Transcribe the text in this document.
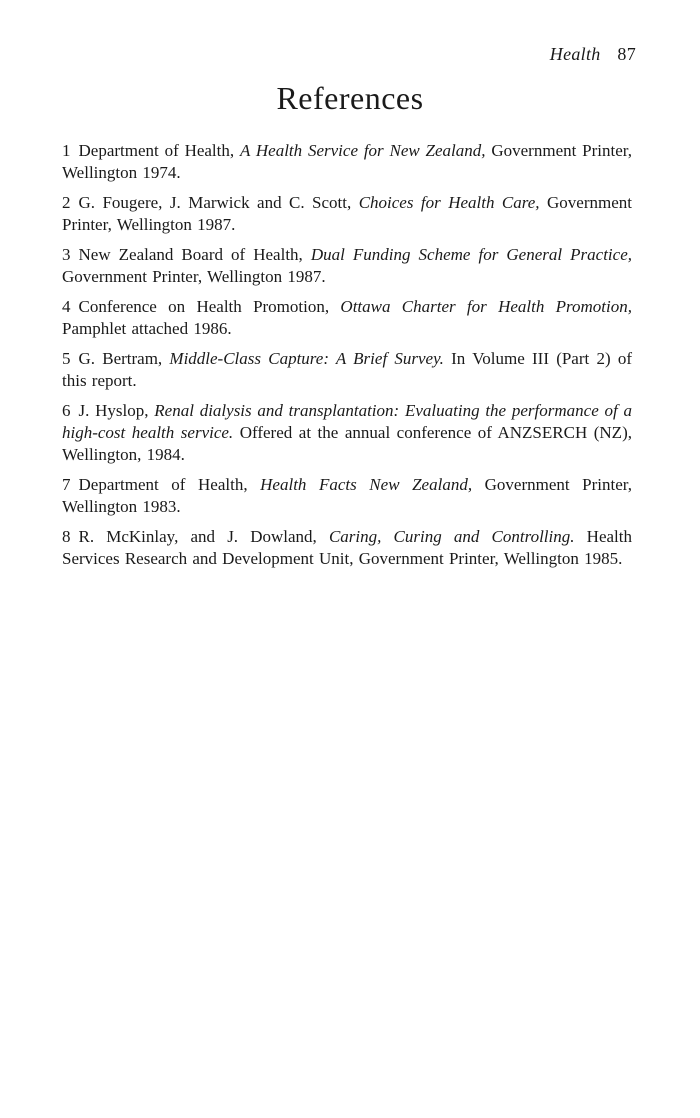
Health 87
References
1 Department of Health, A Health Service for New Zealand, Government Printer, Wellington 1974.
2 G. Fougere, J. Marwick and C. Scott, Choices for Health Care, Government Printer, Wellington 1987.
3 New Zealand Board of Health, Dual Funding Scheme for General Practice, Government Printer, Wellington 1987.
4 Conference on Health Promotion, Ottawa Charter for Health Promotion, Pamphlet attached 1986.
5 G. Bertram, Middle-Class Capture: A Brief Survey. In Volume III (Part 2) of this report.
6 J. Hyslop, Renal dialysis and transplantation: Evaluating the performance of a high-cost health service. Offered at the annual conference of ANZSERCH (NZ), Wellington, 1984.
7 Department of Health, Health Facts New Zealand, Government Printer, Wellington 1983.
8 R. McKinlay, and J. Dowland, Caring, Curing and Controlling. Health Services Research and Development Unit, Government Printer, Wellington 1985.
